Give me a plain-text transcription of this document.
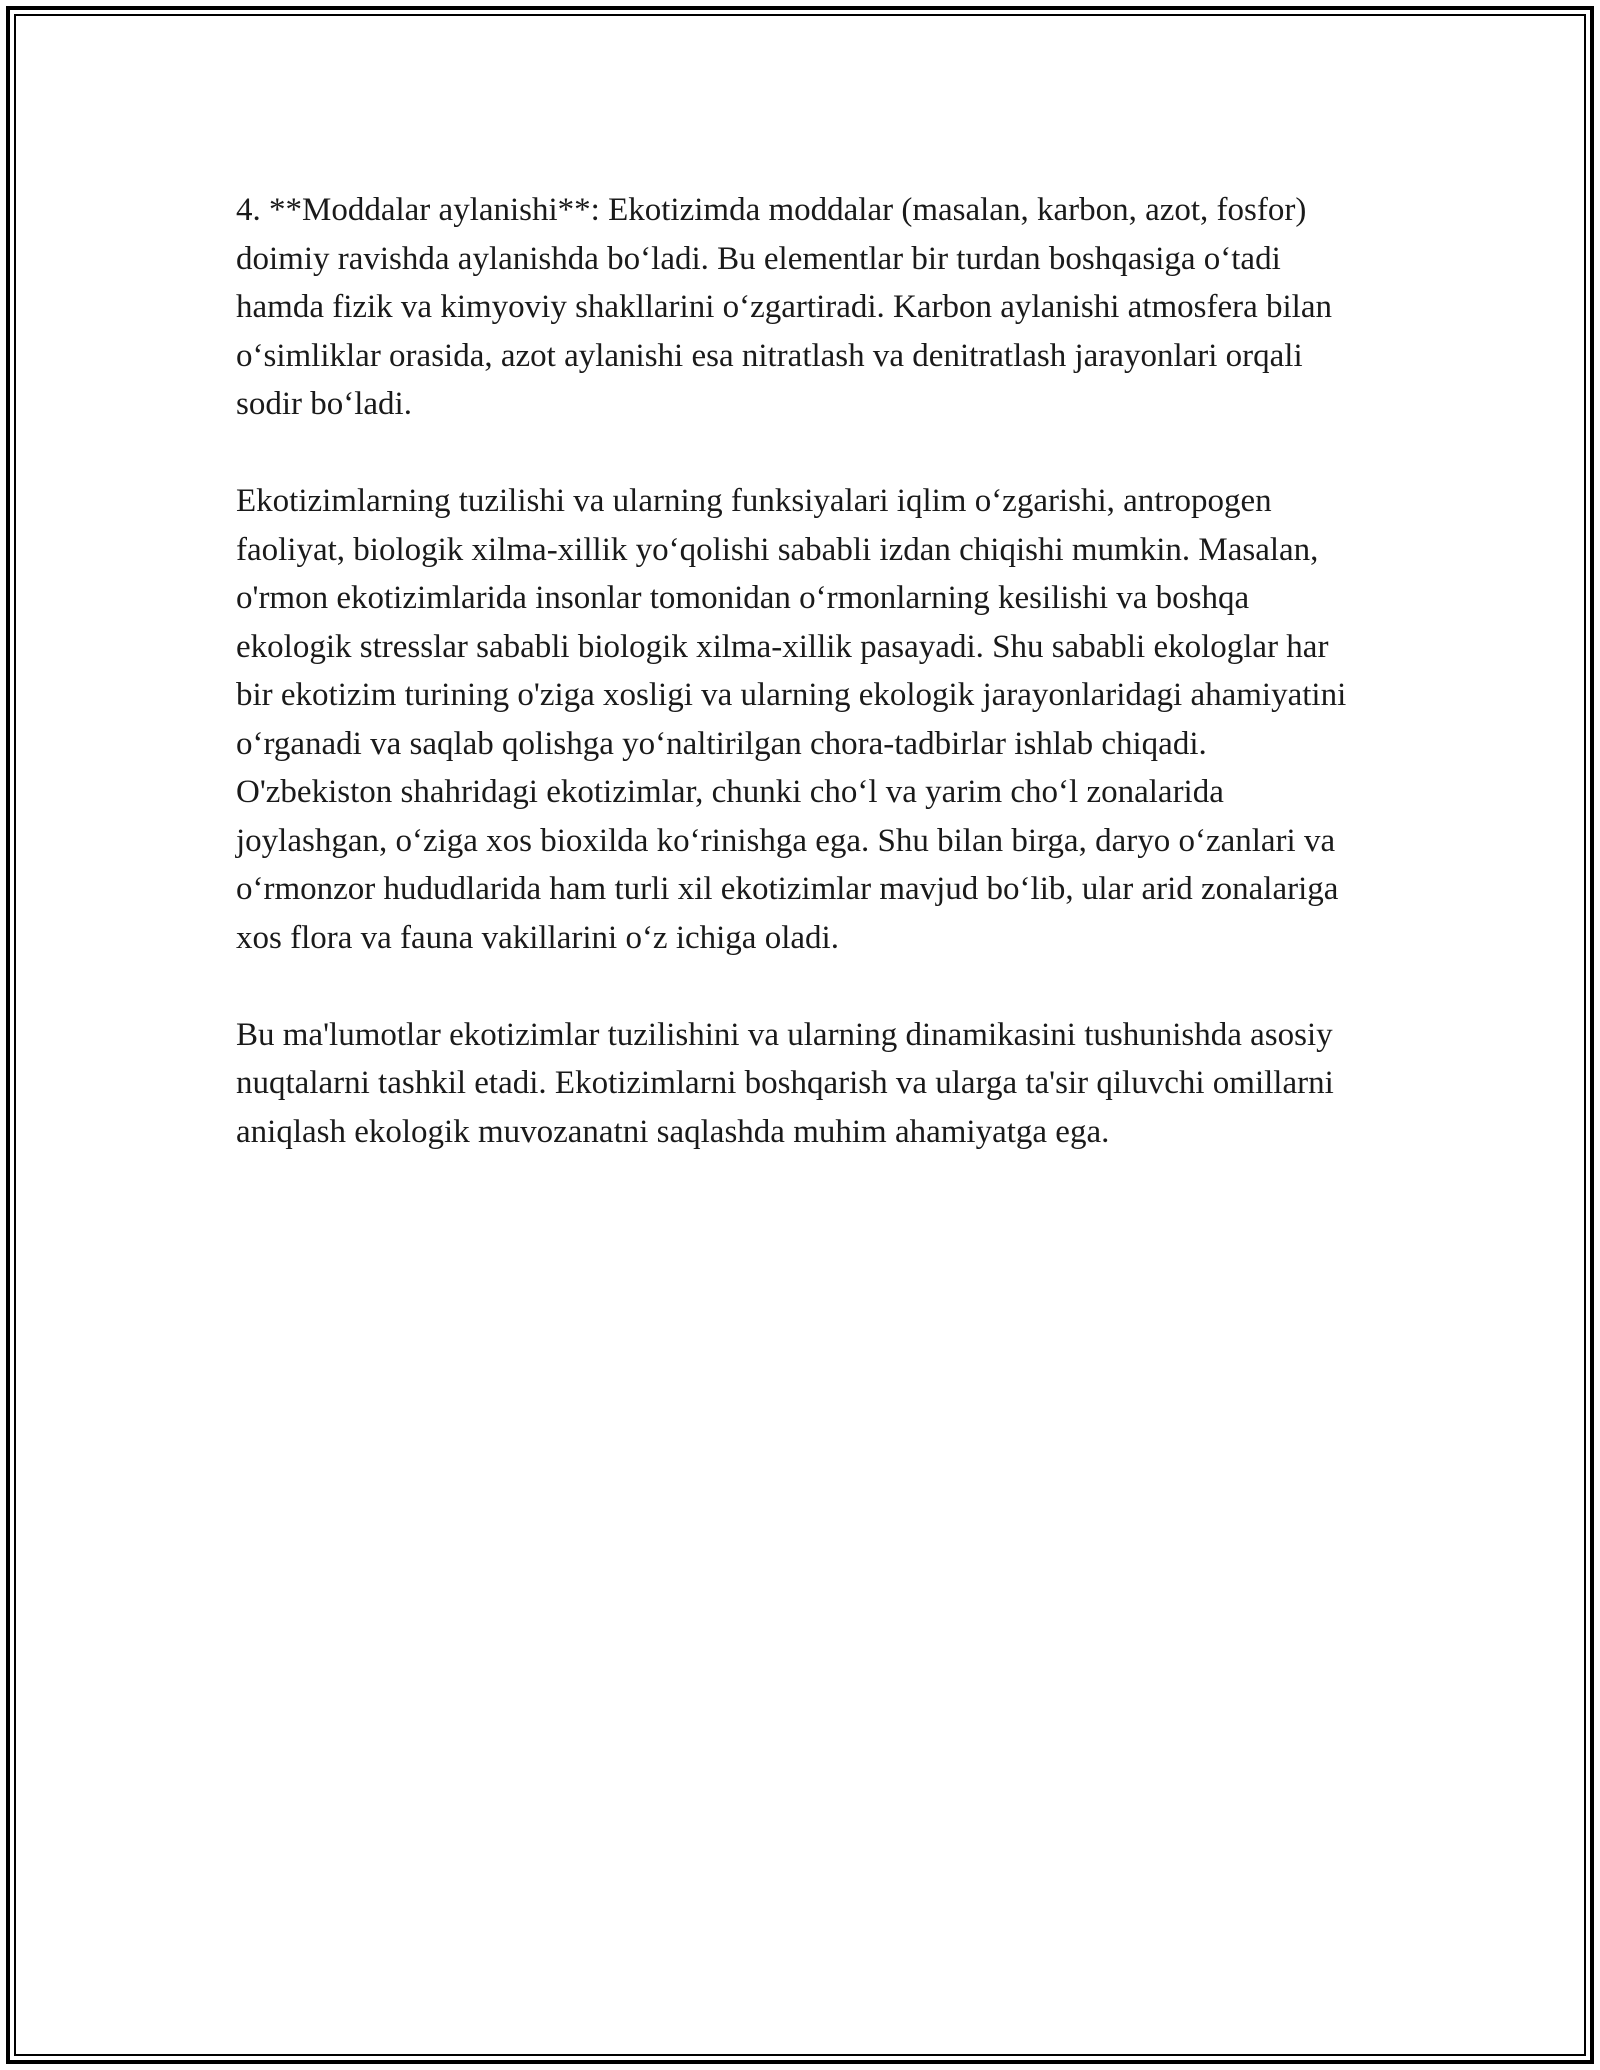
4. **Moddalar aylanishi**: Ekotizimda moddalar (masalan, karbon, azot, fosfor) doimiy ravishda aylanishda bo‘ladi. Bu elementlar bir turdan boshqasiga o‘tadi hamda fizik va kimyoviy shakllarini o‘zgartiradi. Karbon aylanishi atmosfera bilan o‘simliklar orasida, azot aylanishi esa nitratlash va denitratlash jarayonlari orqali sodir bo‘ladi.

Ekotizimlarning tuzilishi va ularning funksiyalari iqlim o‘zgarishi, antropogen faoliyat, biologik xilma-xillik yo‘qolishi sababli izdan chiqishi mumkin. Masalan, o'rmon ekotizimlarida insonlar tomonidan o‘rmonlarning kesilishi va boshqa ekologik stresslar sababli biologik xilma-xillik pasayadi. Shu sababli ekologlar har bir ekotizim turining o'ziga xosligi va ularning ekologik jarayonlaridagi ahamiyatini o‘rganadi va saqlab qolishga yo‘naltirilgan chora-tadbirlar ishlab chiqadi. O'zbekiston shahridagi ekotizimlar, chunki cho‘l va yarim cho‘l zonalarida joylashgan, o‘ziga xos bioxilda ko‘rinishga ega. Shu bilan birga, daryo o‘zanlari va o‘rmonzor hududlarida ham turli xil ekotizimlar mavjud bo‘lib, ular arid zonalariga xos flora va fauna vakillarini o‘z ichiga oladi.

Bu ma'lumotlar ekotizimlar tuzilishini va ularning dinamikasini tushunishda asosiy nuqtalarni tashkil etadi. Ekotizimlarni boshqarish va ularga ta'sir qiluvchi omillarni aniqlash ekologik muvozanatni saqlashda muhim ahamiyatga ega.
